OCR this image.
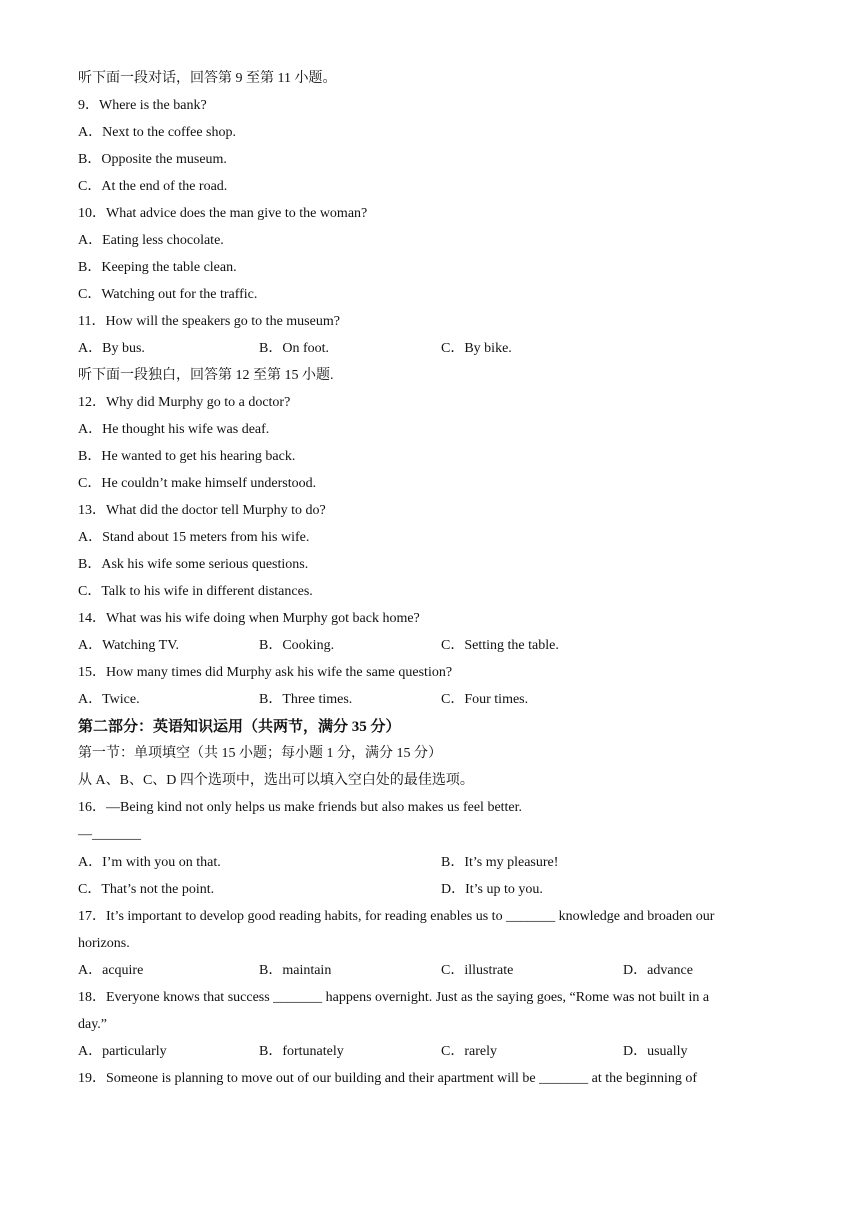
听下面一段对话，回答第 9 至第 11 小题。
9．Where is the bank?
A．Next to the coffee shop.
B．Opposite the museum.
C．At the end of the road.
10．What advice does the man give to the woman?
A．Eating less chocolate.
B．Keeping the table clean.
C．Watching out for the traffic.
11．How will the speakers go to the museum?
A．By bus.	B．On foot.	C．By bike.
听下面一段独白，回答第 12 至第 15 小题.
12．Why did Murphy go to a doctor?
A．He thought his wife was deaf.
B．He wanted to get his hearing back.
C．He couldn’t make himself understood.
13．What did the doctor tell Murphy to do?
A．Stand about 15 meters from his wife.
B．Ask his wife some serious questions.
C．Talk to his wife in different distances.
14．What was his wife doing when Murphy got back home?
A．Watching TV.	B．Cooking.	C．Setting the table.
15．How many times did Murphy ask his wife the same question?
A．Twice.	B．Three times.	C．Four times.
第二部分：英语知识运用（共两节，满分 35 分）
第一节：单项填空（共 15 小题；每小题 1 分，满分 15 分）
从 A、B、C、D 四个选项中，选出可以填入空白处的最佳选项。
16．—Being kind not only helps us make friends but also makes us feel better.
—_______
A．I’m with you on that.	B．It’s my pleasure!
C．That’s not the point.	D．It’s up to you.
17．It’s important to develop good reading habits, for reading enables us to _______ knowledge and broaden our
horizons.
A．acquire	B．maintain	C．illustrate	D．advance
18．Everyone knows that success _______ happens overnight. Just as the saying goes, “Rome was not built in a
day.”
A．particularly	B．fortunately	C．rarely	D．usually
19．Someone is planning to move out of our building and their apartment will be _______ at the beginning of
